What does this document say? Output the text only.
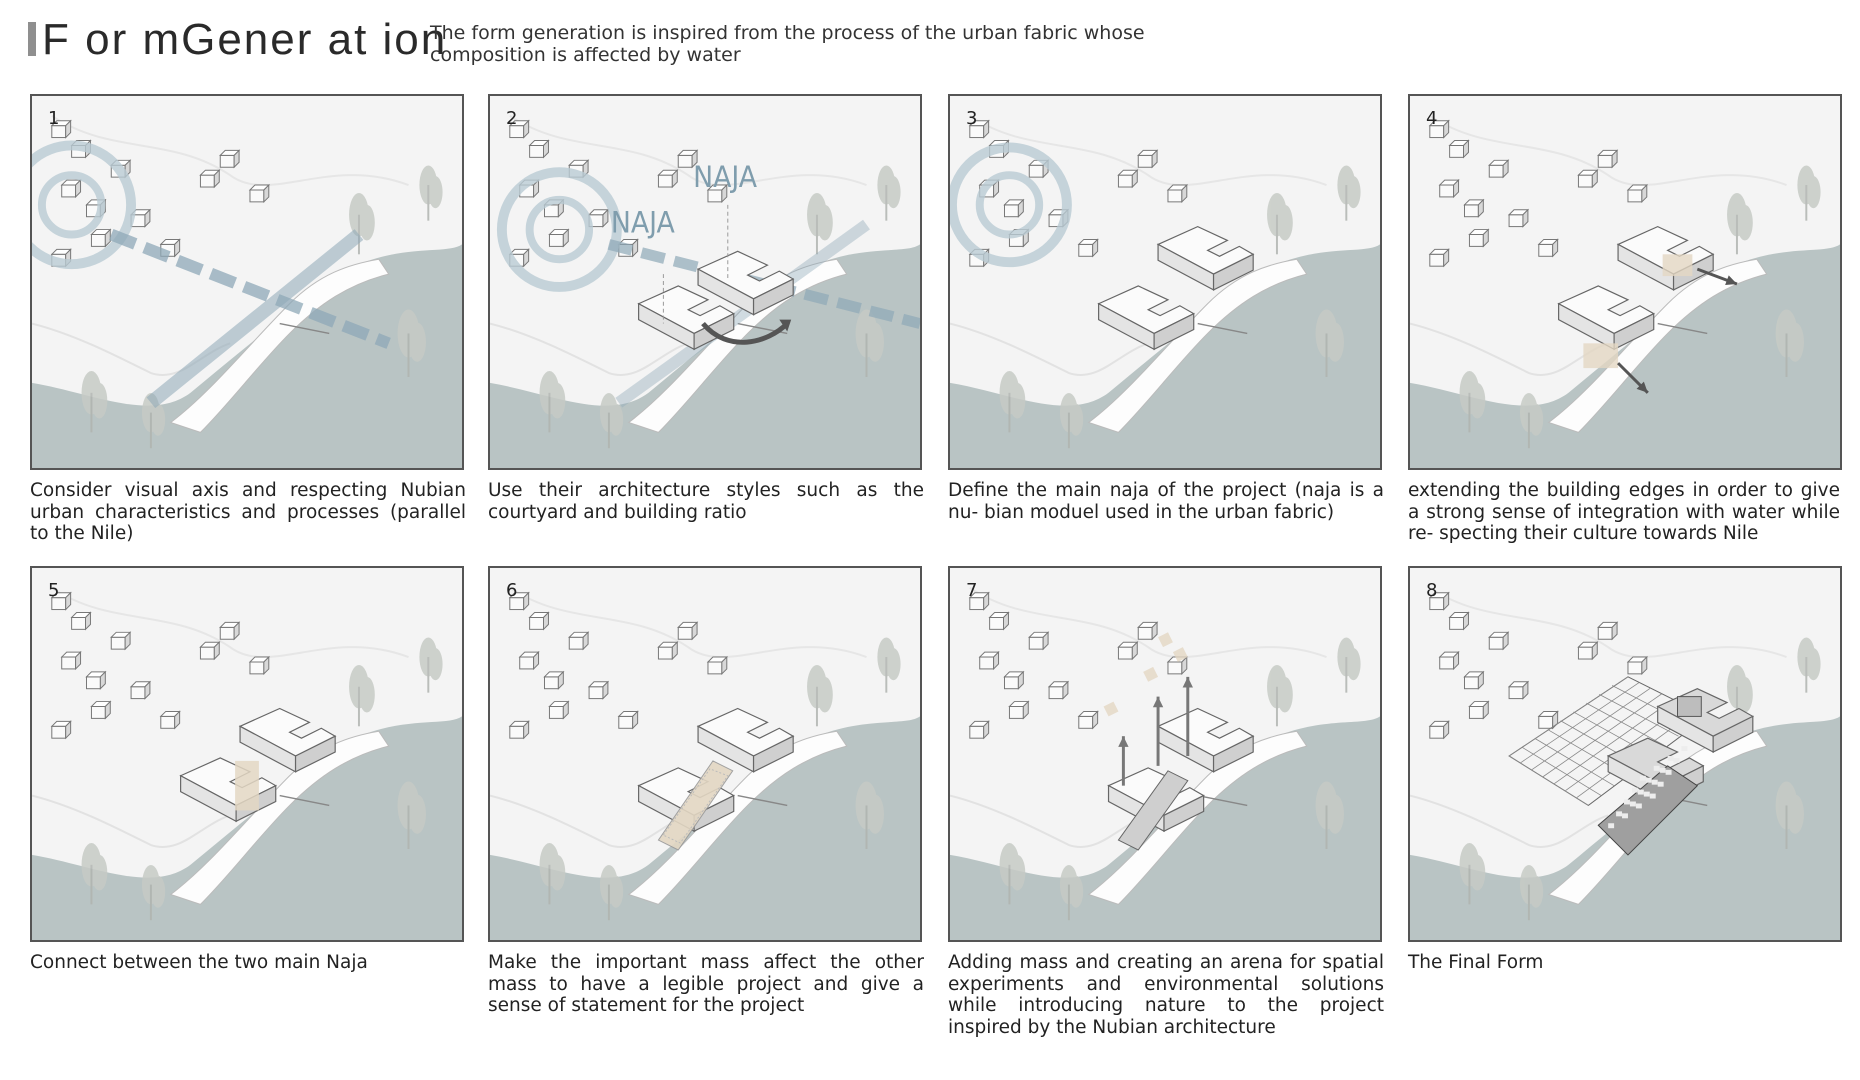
F or mGener at ion
The form generation is inspired from the process of the urban fabric whose composition is affected by water
1
Consider visual axis and respecting Nubian urban characteristics and processes (parallel to the Nile)
NAJA
NAJA
2
Use their architecture styles such as the courtyard and building ratio
3
Define the main naja of the project (naja is a nu- bian moduel used in the urban fabric)
4
extending the building edges in order to give a strong sense of integration with water while re- specting their culture towards Nile
5
Connect between the two main Naja
6
Make the important mass affect the other mass to have a legible project and give a sense of statement for the project
7
Adding mass and creating an arena for spatial experiments and environmental solutions while introducing nature to the project inspired by the Nubian architecture
8
The Final Form
